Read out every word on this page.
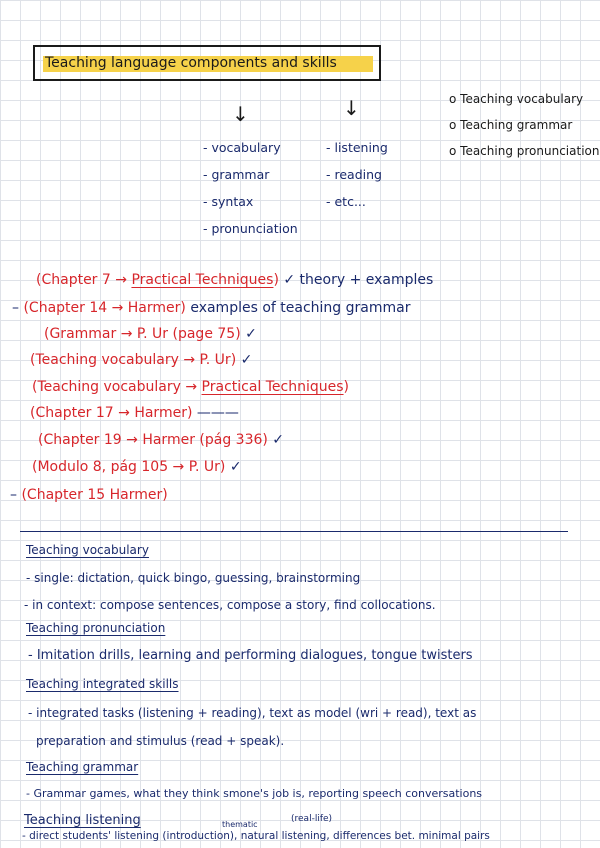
Teaching language components and skills
↓	↓
- vocabulary
- grammar
- syntax
- pronunciation
- listening
- reading
- etc...
o Teaching vocabulary
o Teaching grammar
o Teaching pronunciation
(Chapter 7 → Practical Techniques) ✓ theory + examples
– (Chapter 14 → Harmer) examples of teaching grammar
(Grammar → P. Ur (page 75) ✓
(Teaching vocabulary → P. Ur) ✓
(Teaching vocabulary → Practical Techniques)
(Chapter 17 → Harmer) ———
(Chapter 19 → Harmer (pág 336) ✓
(Modulo 8, pág 105 → P. Ur) ✓
– (Chapter 15 Harmer)
Teaching vocabulary
- single: dictation, quick bingo, guessing, brainstorming
- in context: compose sentences, compose a story, find collocations.
Teaching pronunciation
- Imitation drills, learning and performing dialogues, tongue twisters
Teaching integrated skills
- integrated tasks (listening + reading), text as model (wri + read), text as
preparation and stimulus (read + speak).
Teaching grammar
- Grammar games, what they think smone's job is, reporting speech conversations
Teaching listening	thematic
(real-life)
- direct students' listening (introduction), natural listening, differences bet. minimal pairs
